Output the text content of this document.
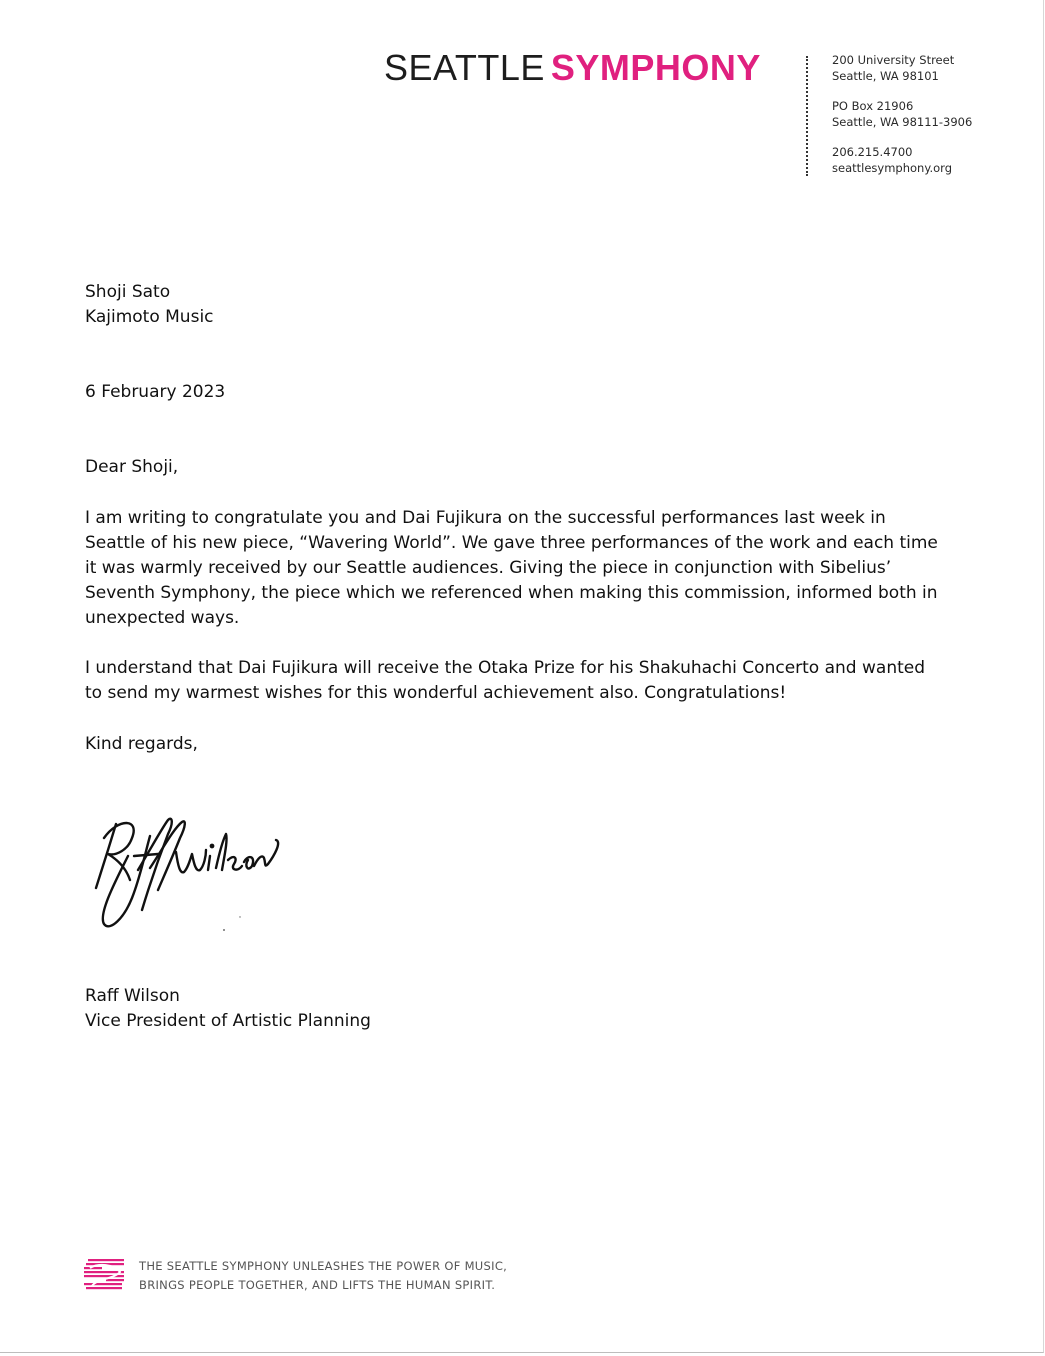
SEATTLE SYMPHONY	200 University Street
Seattle, WA 98101
PO Box 21906
Seattle, WA 98111-3906
206.215.4700
seattlesymphony.org
Shoji Sato
Kajimoto Music
6 February 2023
Dear Shoji,
I am writing to congratulate you and Dai Fujikura on the successful performances last week in Seattle of his new piece, “Wavering World”. We gave three performances of the work and each time it was warmly received by our Seattle audiences. Giving the piece in conjunction with Sibelius’ Seventh Symphony, the piece which we referenced when making this commission, informed both in unexpected ways.
I understand that Dai Fujikura will receive the Otaka Prize for his Shakuhachi Concerto and wanted to send my warmest wishes for this wonderful achievement also. Congratulations!
Kind regards,
Raff Wilson
Vice President of Artistic Planning
THE SEATTLE SYMPHONY UNLEASHES THE POWER OF MUSIC,
BRINGS PEOPLE TOGETHER, AND LIFTS THE HUMAN SPIRIT.
